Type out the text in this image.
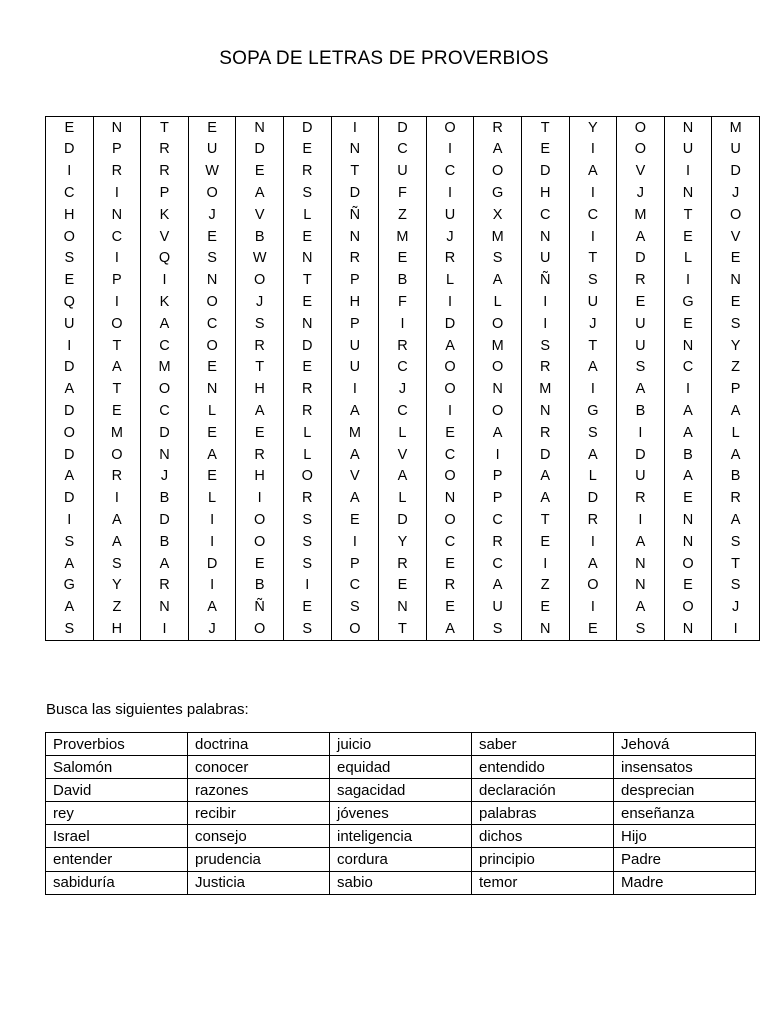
SOPA DE LETRAS DE PROVERBIOS
E	N	T	E	N	D	I	D	O	R	T	Y	O	N	M
D	P	R	U	D	E	N	C	I	A	E	I	O	U	U
I	R	R	W	E	R	T	U	C	O	D	A	V	I	D
C	I	P	O	A	S	D	F	I	G	H	I	J	N	J
H	N	K	J	V	L	Ñ	Z	U	X	C	C	M	T	O
O	C	V	E	B	E	N	M	J	M	N	I	A	E	V
S	I	Q	S	W	N	R	E	R	S	U	T	D	L	E
E	P	I	N	O	T	P	B	L	A	Ñ	S	R	I	N
Q	I	K	O	J	E	H	F	I	L	I	U	E	G	E
U	O	A	C	S	N	P	I	D	O	I	J	U	E	S
I	T	C	O	R	D	U	R	A	M	S	T	U	N	Y
D	A	M	E	T	E	U	C	O	O	R	A	S	C	Z
A	T	O	N	H	R	I	J	O	N	M	I	A	I	P
D	E	C	L	A	R	A	C	I	O	N	G	B	A	A
O	M	D	E	E	L	M	L	E	A	R	S	I	A	L
D	O	N	A	R	L	A	V	C	I	D	A	D	B	A
A	R	J	E	H	O	V	A	O	P	A	L	U	A	B
D	I	B	L	I	R	A	L	N	P	A	D	R	E	R
I	A	D	I	O	S	E	D	O	C	T	R	I	N	A
S	A	B	I	O	S	I	Y	C	R	E	I	A	N	S
A	S	A	D	E	S	P	R	E	C	I	A	N	O	T
G	Y	R	I	B	I	C	E	R	A	Z	O	N	E	S
A	Z	N	A	Ñ	E	S	N	E	U	E	I	A	O	J
S	H	I	J	O	S	O	T	A	S	N	E	S	N	I
Busca las siguientes palabras:
Proverbios	doctrina	juicio	saber	Jehová
Salomón	conocer	equidad	entendido	insensatos
David	razones	sagacidad	declaración	desprecian
rey	recibir	jóvenes	palabras	enseñanza
Israel	consejo	inteligencia	dichos	Hijo
entender	prudencia	cordura	principio	Padre
sabiduría	Justicia	sabio	temor	Madre
